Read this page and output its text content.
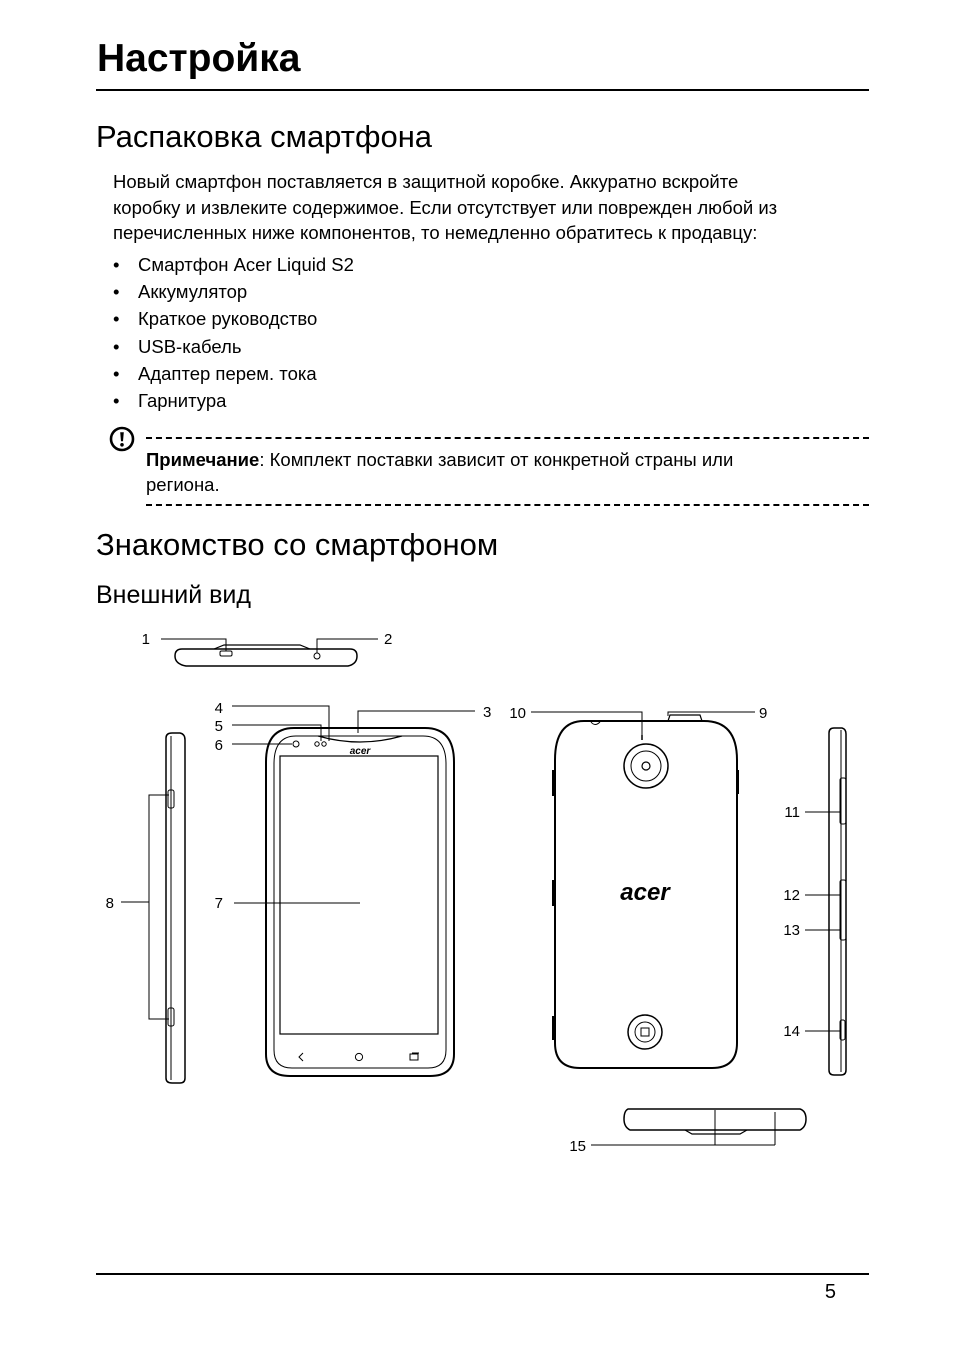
Настройка
Распаковка смартфона
Новый смартфон поставляется в защитной коробке. Аккуратно вскройте
коробку и извлеките содержимое. Если отсутствует или поврежден любой из
перечисленных ниже компонентов, то немедленно обратитесь к продавцу:
• Смартфон Acer Liquid S2
• Аккумулятор
• Краткое руководство
• USB-кабель
• Адаптер перем. тока
• Гарнитура
Примечание: Комплект поставки зависит от конкретной страны или
региона.
Знакомство со смартфоном
Внешний вид
acer
acer
1	2
3
4
5
6
7
8
9
10
11
12
13
14
15
5
